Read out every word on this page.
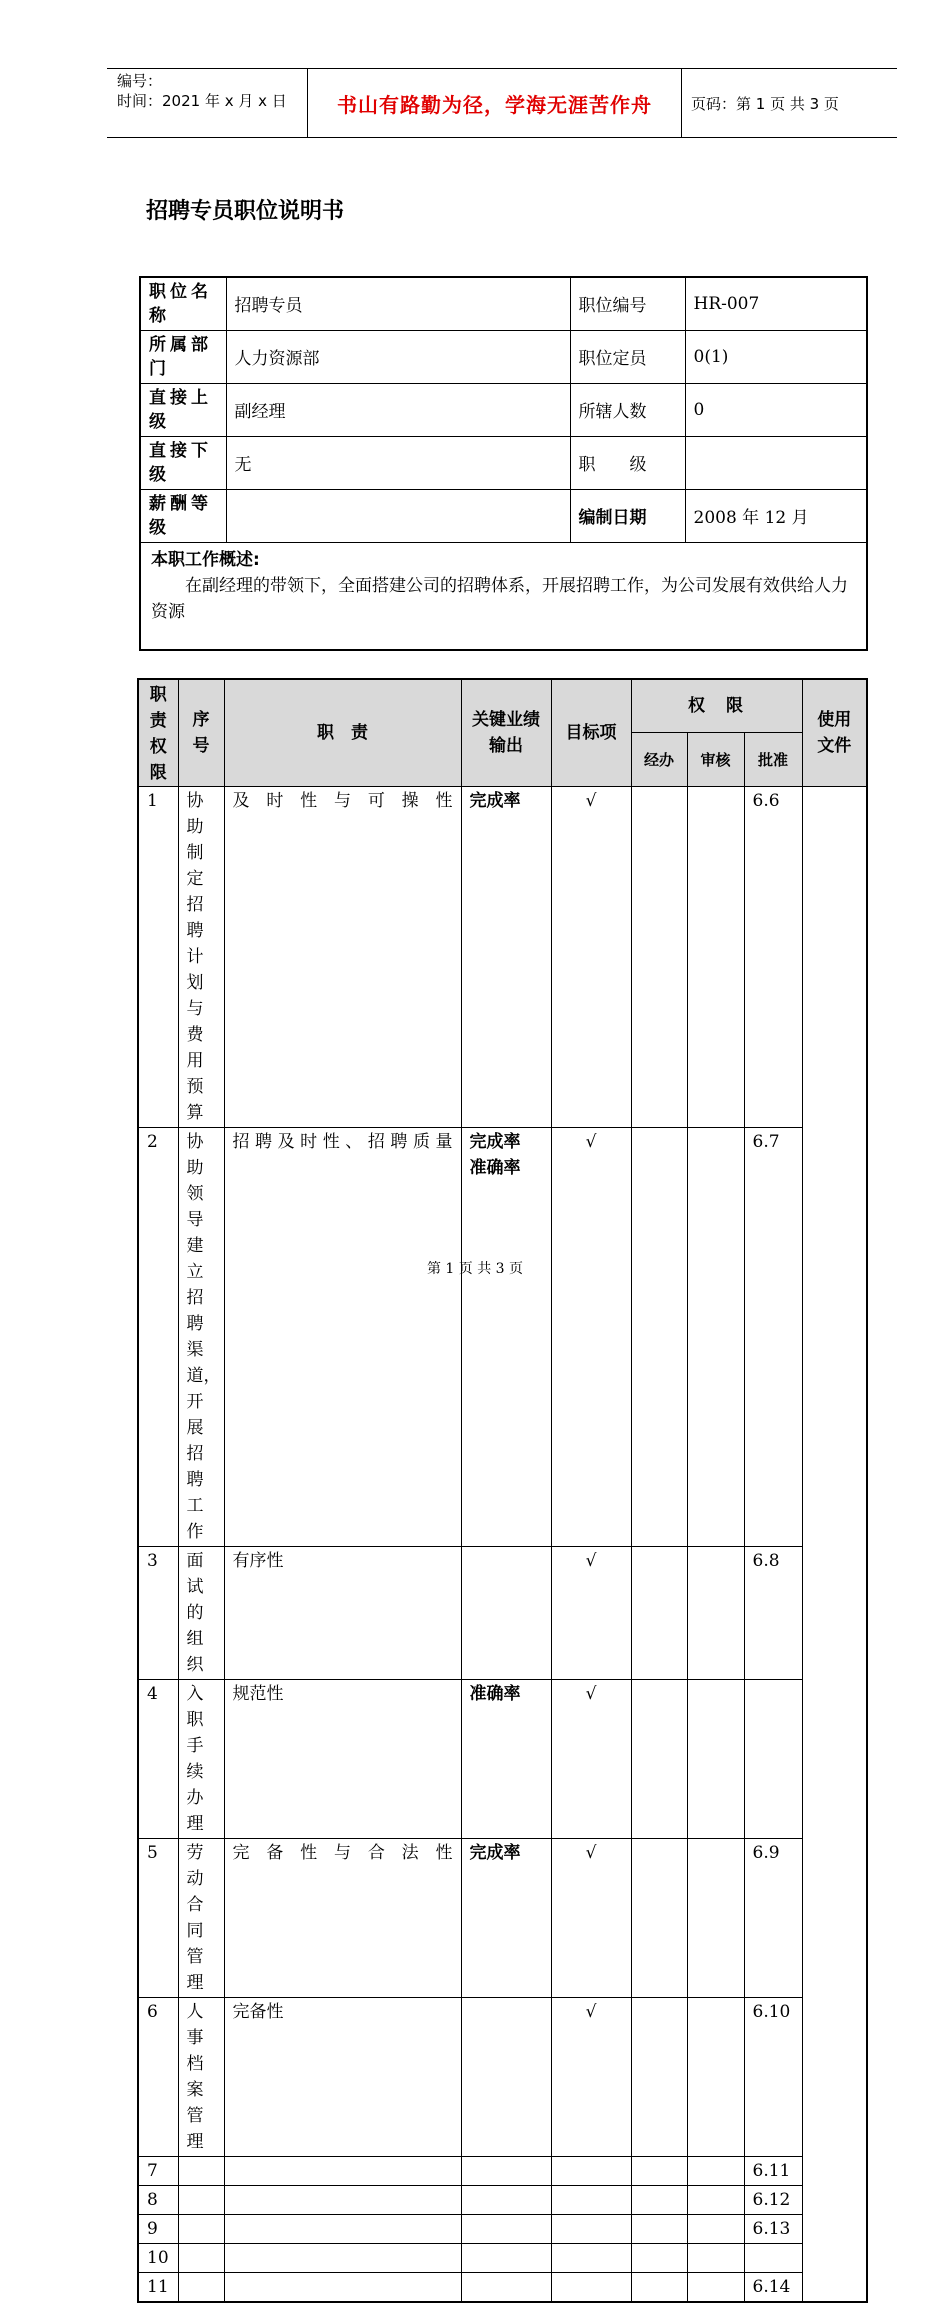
编号：
时间：2021 年 x 月 x 日	书山有路勤为径，学海无涯苦作舟	页码：第 1 页 共 3 页
招聘专员职位说明书
职位名称	招聘专员	职位编号	HR-007
所属部门	人力资源部	职位定员	0(1)
直接上级	副经理	所辖人数	0
直接下级	无	职　　级	
薪酬等级		编制日期	2008 年 12 月

本职工作概述:
在副经理的带领下，全面搭建公司的招聘体系，开展招聘工作，为公司发展有效供给人力资源			
职责权限	序号	职　责	关键业绩输出	目标项	权　限			使用文件

					经办	审核	批准	
1	协助制定招聘计划与费用预算	及时性与可操性	完成率	√			6.6	
2	协助领导建立招聘渠道，开展招聘工作	招聘及时性、招聘质量	完成率
准确率	√			6.7	
3	面试的组织	有序性		√			6.8	
4	入职手续办理	规范性	准确率	√				
5	劳动合同管理	完备性与合法性	完成率	√			6.9	
6	人事档案管理	完备性		√			6.10	
7							6.11	
8							6.12	
9							6.13	
10								
11							6.14	
第 1 页 共 3 页
